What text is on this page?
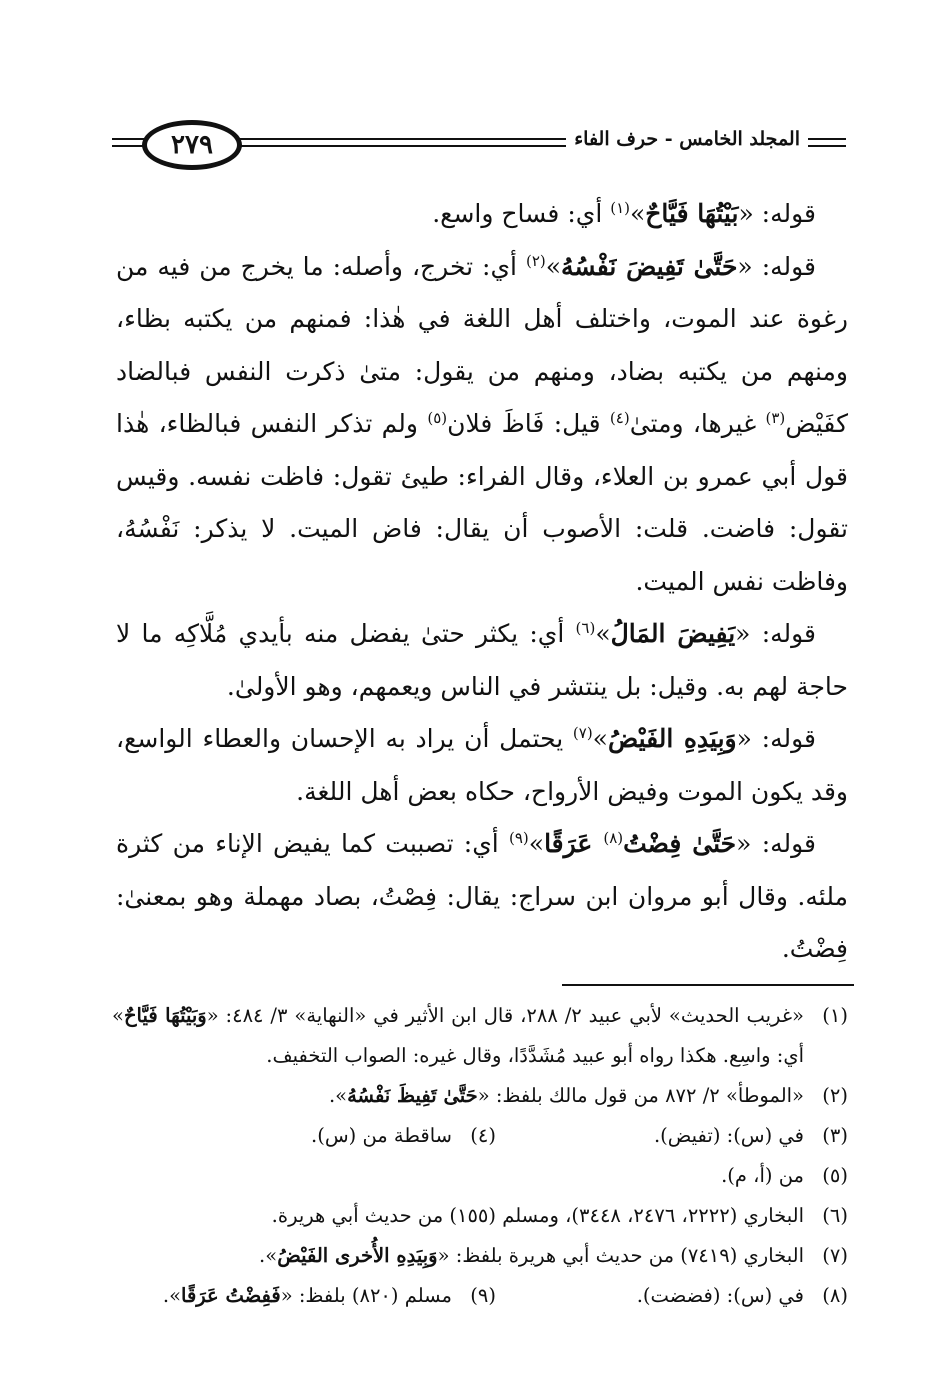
المجلد الخامس - حرف الفاء
٢٧٩

قوله: «بَيْتُهَا فَيَّاحٌ»$^{(١)}$ أي: فساح واسع.

قوله: «حَتَّىٰ تَفِيضَ نَفْسُهُ»$^{(٢)}$ أي: تخرج، وأصله: ما يخرج من فيه من رغوة عند الموت، واختلف أهل اللغة في هٰذا: فمنهم من يكتبه بظاء، ومنهم من يكتبه بضاد، ومنهم من يقول: متىٰ ذكرت النفس فبالضاد كفَيْض$^{(٣)}$ غيرها، ومتىٰ$^{(٤)}$ قيل: فَاظَ فلان$^{(٥)}$ ولم تذكر النفس فبالظاء، هٰذا قول أبي عمرو بن العلاء، وقال الفراء: طيئ تقول: فاظت نفسه. وقيس تقول: فاضت. قلت: الأصوب أن يقال: فاض الميت. لا يذكر: نَفْسُهُ، وفاظت نفس الميت.

قوله: «يَفِيضَ المَالُ»$^{(٦)}$ أي: يكثر حتىٰ يفضل منه بأيدي مُلَّاكِه ما لا حاجة لهم به. وقيل: بل ينتشر في الناس ويعمهم، وهو الأولىٰ.

قوله: «وَبِيَدِهِ الفَيْضُ»$^{(٧)}$ يحتمل أن يراد به الإحسان والعطاء الواسع، وقد يكون الموت وفيض الأرواح، حكاه بعض أهل اللغة.

قوله: «حَتَّىٰ فِضْتُ$^{(٨)}$ عَرَقًا»$^{(٩)}$ أي: تصببت كما يفيض الإناء من كثرة ملئه. وقال أبو مروان ابن سراج: يقال: فِصْتُ، بصاد مهملة وهو بمعنىٰ: فِضْتُ.

(١)
«غريب الحديث» لأبي عبيد ٢/ ٢٨٨، قال ابن الأثير في «النهاية» ٣/ ٤٨٤: «وَبَيْتُهَا فَيَّاحٌ» أي: واسِع. هكذا رواه أبو عبيد مُشَدَّدًا، وقال غيره: الصواب التخفيف.
(٢)
«الموطأ» ٢/ ٨٧٢ من قول مالك بلفظ: «حَتَّىٰ تَفِيظَ نَفْسُهُ».
(٣)
في (س): (تفيض).
(٤)
ساقطة من (س).
(٥)
من (أ، م).
(٦)
البخاري (٢٢٢٢، ٢٤٧٦، ٣٤٤٨)، ومسلم (١٥٥) من حديث أبي هريرة.
(٧)
البخاري (٧٤١٩) من حديث أبي هريرة بلفظ: «وَبِيَدِهِ الأُخرى الفَيْضُ».
(٨)
في (س): (فضضت).
(٩)
مسلم (٨٢٠) بلفظ: «فَفِضْتُ عَرَقًا».
